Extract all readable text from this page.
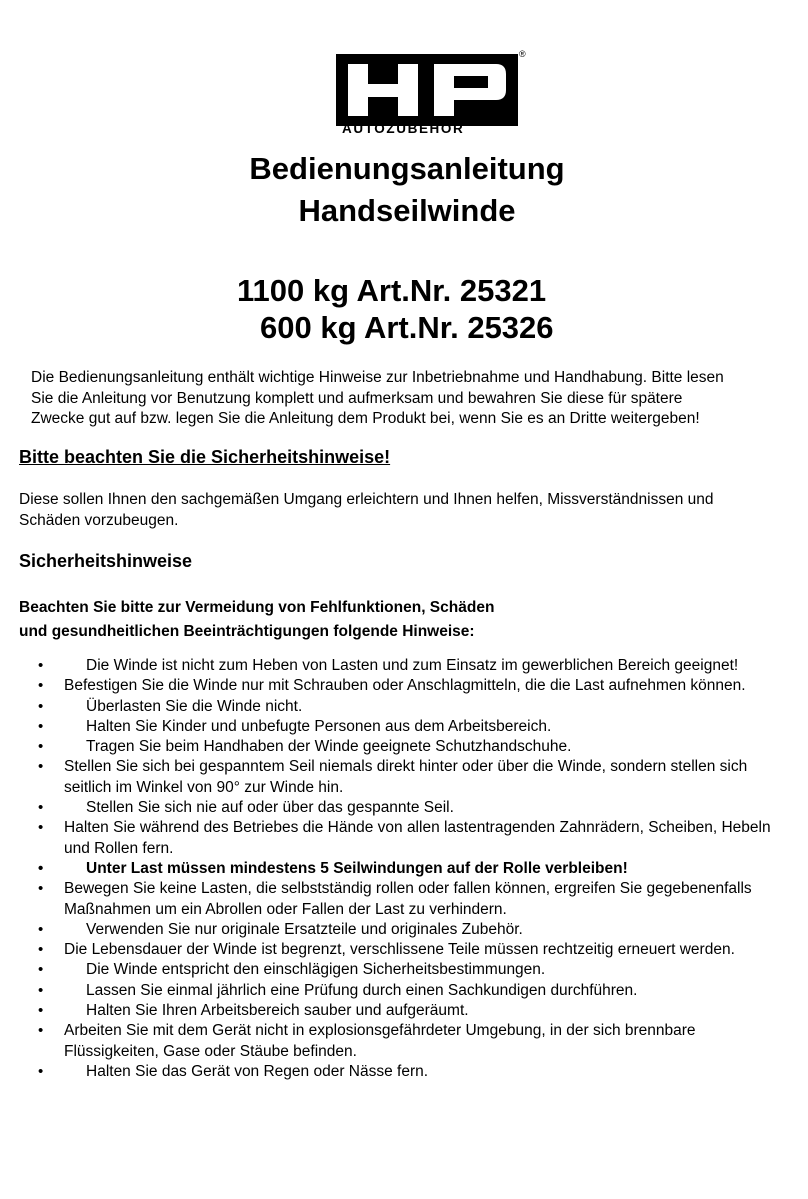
®
AUTOZUBEHÖR
Bedienungsanleitung
Handseilwinde
1100 kg Art.Nr. 25321
600 kg Art.Nr. 25326
Die Bedienungsanleitung enthält wichtige Hinweise zur Inbetriebnahme und Handhabung. Bitte lesen
Sie die Anleitung vor Benutzung komplett und aufmerksam und bewahren Sie diese für spätere
Zwecke gut auf bzw. legen Sie die Anleitung dem Produkt bei, wenn Sie es an Dritte weitergeben!
Bitte beachten Sie die Sicherheitshinweise!
Diese sollen Ihnen den sachgemäßen Umgang erleichtern und Ihnen helfen, Missverständnissen und
Schäden vorzubeugen.
Sicherheitshinweise
Beachten Sie bitte zur Vermeidung von Fehlfunktionen, Schäden
und gesundheitlichen Beeinträchtigungen folgende Hinweise:
•	Die Winde ist nicht zum Heben von Lasten und zum Einsatz im gewerblichen Bereich geeignet!
• Befestigen Sie die Winde nur mit Schrauben oder Anschlagmitteln, die die Last aufnehmen können.
•	Überlasten Sie die Winde nicht.
•	Halten Sie Kinder und unbefugte Personen aus dem Arbeitsbereich.
•	Tragen Sie beim Handhaben der Winde geeignete Schutzhandschuhe.
• Stellen Sie sich bei gespanntem Seil niemals direkt hinter oder über die Winde, sondern stellen sich seitlich im Winkel von 90° zur Winde hin.
•	Stellen Sie sich nie auf oder über das gespannte Seil.
• Halten Sie während des Betriebes die Hände von allen lastentragenden Zahnrädern, Scheiben, Hebeln und Rollen fern.
•	Unter Last müssen mindestens 5 Seilwindungen auf der Rolle verbleiben!
• Bewegen Sie keine Lasten, die selbstständig rollen oder fallen können, ergreifen Sie gegebenenfalls Maßnahmen um ein Abrollen oder Fallen der Last zu verhindern.
•	Verwenden Sie nur originale Ersatzteile und originales Zubehör.
• Die Lebensdauer der Winde ist begrenzt, verschlissene Teile müssen rechtzeitig erneuert werden.
•	Die Winde entspricht den einschlägigen Sicherheitsbestimmungen.
•	Lassen Sie einmal jährlich eine Prüfung durch einen Sachkundigen durchführen.
•	Halten Sie Ihren Arbeitsbereich sauber und aufgeräumt.
• Arbeiten Sie mit dem Gerät nicht in explosionsgefährdeter Umgebung, in der sich brennbare Flüssigkeiten, Gase oder Stäube befinden.
•	Halten Sie das Gerät von Regen oder Nässe fern.
